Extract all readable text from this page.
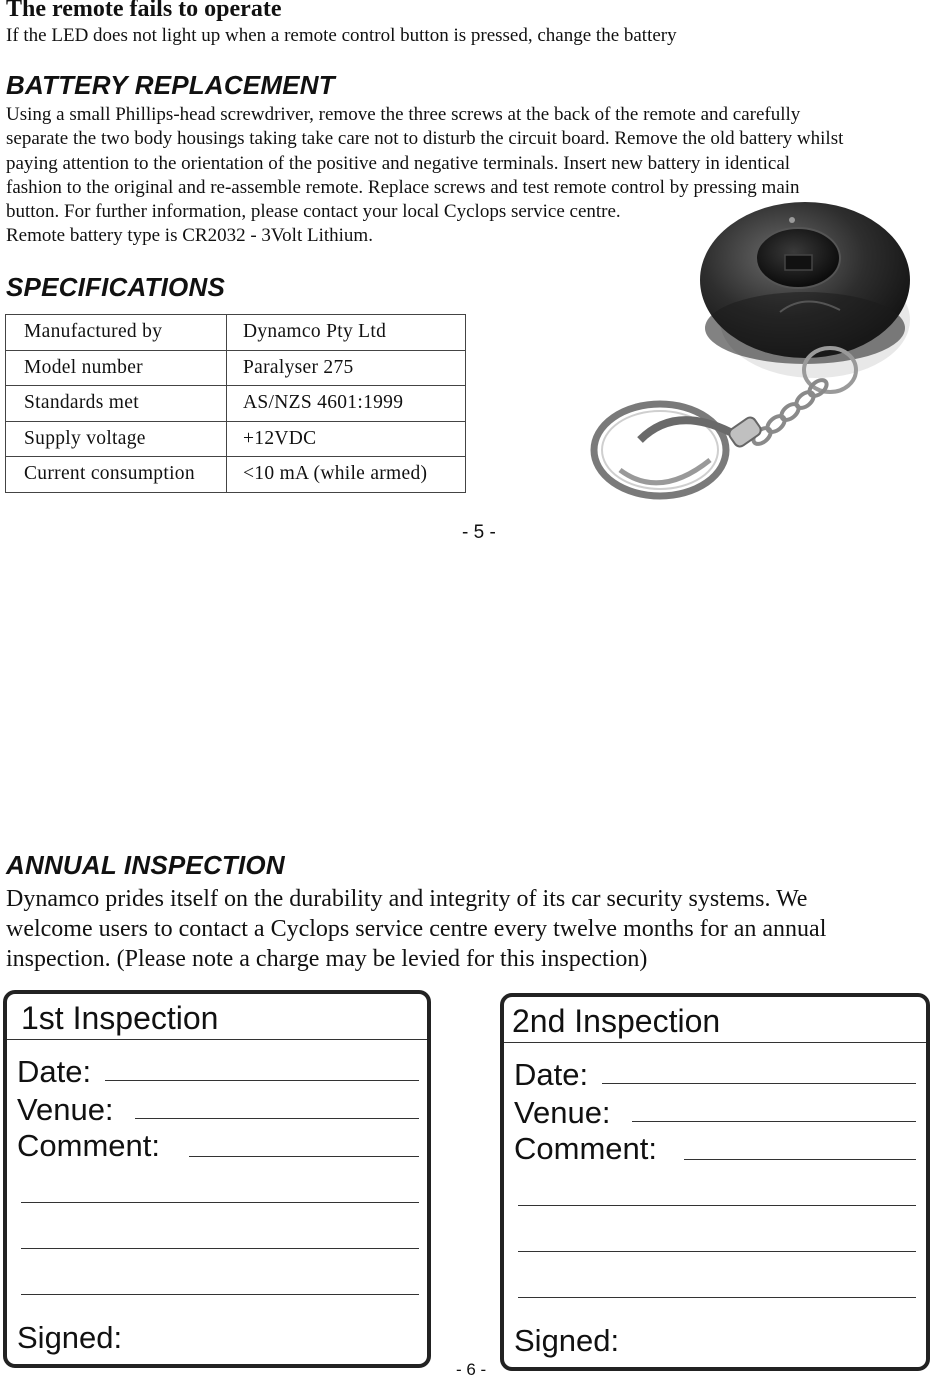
The remote fails to operate
If the LED does not light up when a remote control button is pressed, change the battery
BATTERY REPLACEMENT
Using a small Phillips-head screwdriver, remove the three screws at the back of the remote and carefully
separate the two body housings taking take care not to disturb the circuit board. Remove the old battery whilst
paying attention to the orientation of the positive and negative terminals. Insert new battery in identical
fashion to the original and re-assemble remote. Replace screws and test remote control by pressing main
button. For further information, please contact your local Cyclops service centre.
Remote battery type is CR2032 - 3Volt Lithium.
SPECIFICATIONS
Manufactured by	Dynamco Pty Ltd
Model number	Paralyser 275
Standards met	AS/NZS 4601:1999
Supply voltage	+12VDC
Current consumption	<10 mA (while armed)
- 5 -
ANNUAL INSPECTION
Dynamco prides itself on the durability and integrity of its car security systems. We
welcome users to contact a Cyclops service centre every twelve months for an annual
inspection. (Please note a charge may be levied for this inspection)
1st Inspection
Date:
Venue:
Comment:
Signed:
2nd Inspection
Date:
Venue:
Comment:
Signed:
- 6 -
